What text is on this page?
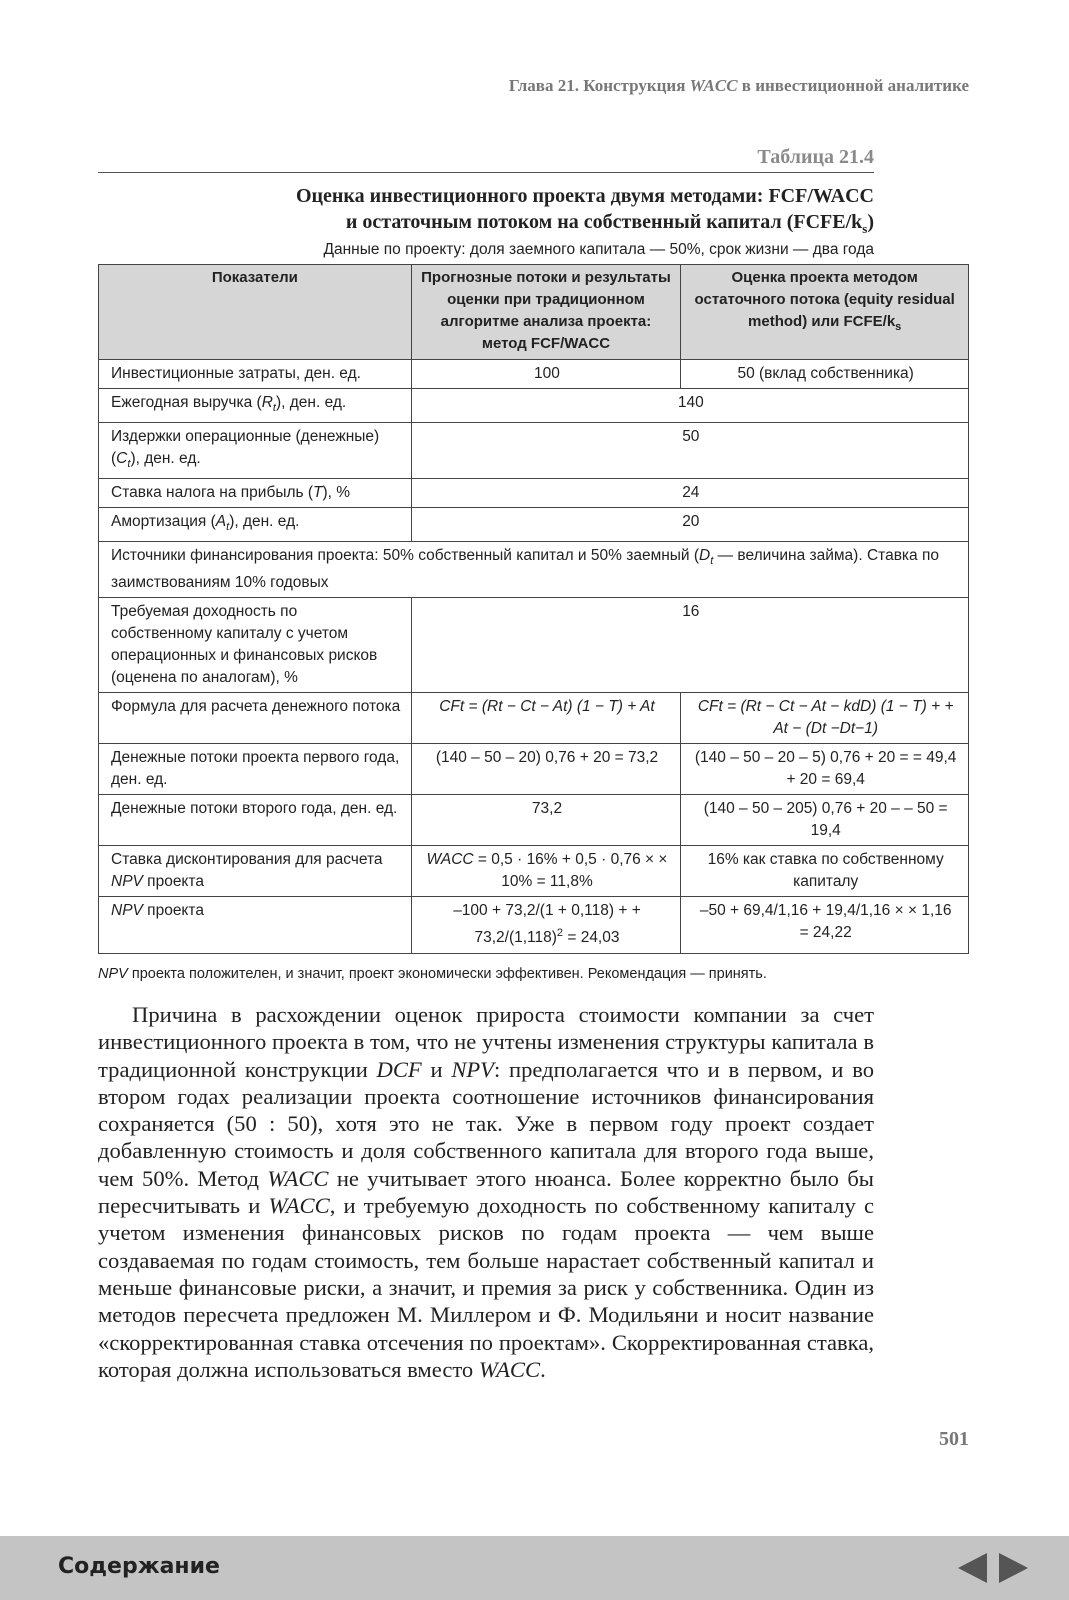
Глава 21. Конструкция WACC в инвестиционной аналитике
Таблица 21.4
Оценка инвестиционного проекта двумя методами: FCF/WACC
и остаточным потоком на собственный капитал $(FCFE/k_s)$
Данные по проекту: доля заемного капитала — 50%, срок жизни — два года
Показатели	Прогнозные потоки и результаты оценки при традиционном алгоритме анализа проекта: метод FCF/WACC	Оценка проекта методом остаточного потока (equity residual method) или FCFE/$k_s$
Инвестиционные затраты, ден. ед.	100	50 (вклад собственника)
Ежегодная выручка $(R_t)$, ден. ед.	140	
Издержки операционные (денежные) $(C_t)$, ден. ед.	50	
Ставка налога на прибыль (T), %	24	
Амортизация $(A_t)$, ден. ед.	20	
Источники финансирования проекта: 50% собственный капитал и 50% заемный ($D_t$ — величина займа). Ставка по заимствованиям 10% годовых		
Требуемая доходность по собственному капиталу с учетом операционных и финансовых рисков (оценена по аналогам), %	16	
Формула для расчета денежного потока	CFt = (Rt − Ct − At) (1 − T) + At	CFt = (Rt − Ct − At − kdD) (1 − T) + + At − (Dt −Dt−1)
Денежные потоки проекта первого года, ден. ед.	(140 – 50 – 20) 0,76 + 20 = 73,2	(140 – 50 – 20 – 5) 0,76 + 20 = = 49,4 + 20 = 69,4
Денежные потоки второго года, ден. ед.	73,2	(140 – 50 – 205) 0,76 + 20 – – 50 = 19,4
Ставка дисконтирования для расчета NPV проекта	WACC = 0,5 · 16% + 0,5 · 0,76 × × 10% = 11,8%	16% как ставка по собственному капиталу
NPV проекта	–100 + 73,2/(1 + 0,118) + + $73,2/(1,118)^2 = 24,03$	–50 + 69,4/1,16 + 19,4/1,16 × × 1,16 = 24,22
NPV проекта положителен, и значит, проект экономически эффективен. Рекомендация — принять.

Причина в расхождении оценок прироста стоимости компании за счет инвестиционного проекта в том, что не учтены изменения структуры капитала в традиционной конструкции DCF и NPV: предполагается что и в первом, и во втором годах реализации проекта соотношение источников финансирования сохраняется (50 : 50), хотя это не так. Уже в первом году проект создает добавленную стоимость и доля собственного капитала для второго года выше, чем 50%. Метод WACC не учитывает этого нюанса. Более корректно было бы пересчитывать и WACC, и требуемую доходность по собственному капиталу с учетом изменения финансовых рисков по годам проекта — чем выше создаваемая по годам стоимость, тем больше нарастает собственный капитал и меньше финансовые риски, а значит, и премия за риск у собственника. Один из методов пересчета предложен М. Миллером и Ф. Модильяни и носит название «скорректированная ставка отсечения по проектам». Скорректированная ставка, которая должна использоваться вместо WACC.

501
Содержание
